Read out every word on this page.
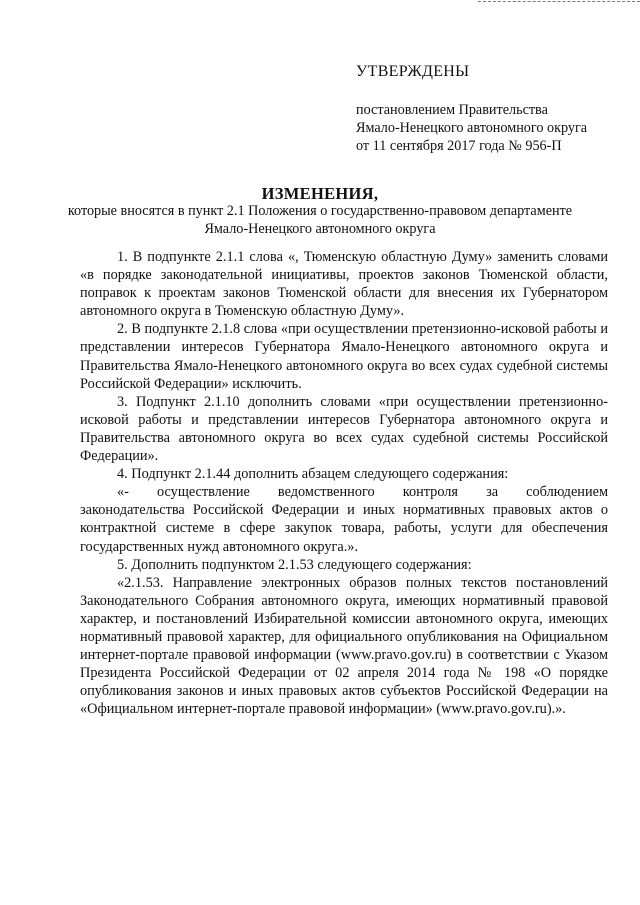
УТВЕРЖДЕНЫ
постановлением Правительства
Ямало-Ненецкого автономного округа
от 11 сентября 2017 года № 956-П
ИЗМЕНЕНИЯ,
которые вносятся в пункт 2.1 Положения о государственно-правовом департаменте Ямало-Ненецкого автономного округа

1. В подпункте 2.1.1 слова «, Тюменскую областную Думу» заменить словами «в порядке законодательной инициативы, проектов законов Тюменской области, поправок к проектам законов Тюменской области для внесения их Губернатором автономного округа в Тюменскую областную Думу».

2. В подпункте 2.1.8 слова «при осуществлении претензионно-исковой работы и представлении интересов Губернатора Ямало-Ненецкого автономного округа и Правительства Ямало-Ненецкого автономного округа во всех судах судебной системы Российской Федерации» исключить.

3. Подпункт 2.1.10 дополнить словами «при осуществлении претензионно-исковой работы и представлении интересов Губернатора автономного округа и Правительства автономного округа во всех судах судебной системы Российской Федерации».

4. Подпункт 2.1.44 дополнить абзацем следующего содержания:

«- осуществление ведомственного контроля за соблюдением

законодательства Российской Федерации и иных нормативных правовых актов о контрактной системе в сфере закупок товара, работы, услуги для обеспечения государственных нужд автономного округа.».

5. Дополнить подпунктом 2.1.53 следующего содержания:

«2.1.53. Направление электронных образов полных текстов постановлений Законодательного Собрания автономного округа, имеющих нормативный правовой характер, и постановлений Избирательной комиссии автономного округа, имеющих нормативный правовой характер, для официального опубликования на Официальном интернет-портале правовой информации (www.pravo.gov.ru) в соответствии с Указом Президента Российской Федерации от 02 апреля 2014 года № 198 «О порядке опубликования законов и иных правовых актов субъектов Российской Федерации на «Официальном интернет-портале правовой информации» (www.pravo.gov.ru).».
